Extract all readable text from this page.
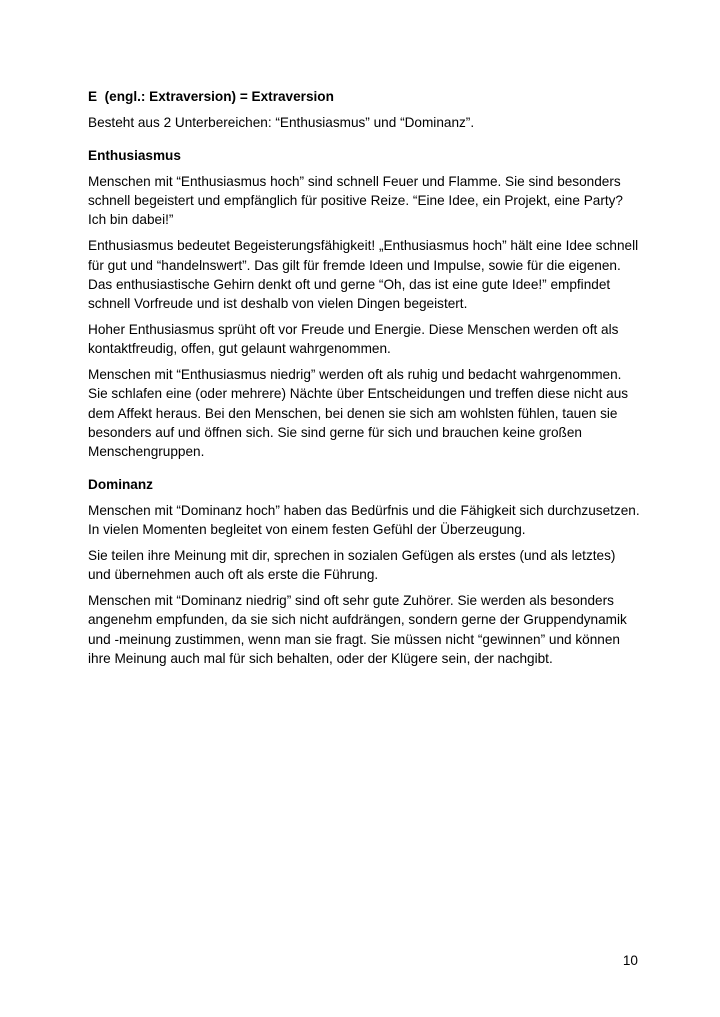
E  (engl.: Extraversion) = Extraversion

Besteht aus 2 Unterbereichen: “Enthusiasmus” und “Dominanz”.

Enthusiasmus

Menschen mit “Enthusiasmus hoch” sind schnell Feuer und Flamme. Sie sind besonders schnell begeistert und empfänglich für positive Reize. “Eine Idee, ein Projekt, eine Party? Ich bin dabei!”

Enthusiasmus bedeutet Begeisterungsfähigkeit! „Enthusiasmus hoch” hält eine Idee schnell für gut und “handelnswert”. Das gilt für fremde Ideen und Impulse, sowie für die eigenen. Das enthusiastische Gehirn denkt oft und gerne “Oh, das ist eine gute Idee!” empfindet schnell Vorfreude und ist deshalb von vielen Dingen begeistert.

Hoher Enthusiasmus sprüht oft vor Freude und Energie. Diese Menschen werden oft als kontaktfreudig, offen, gut gelaunt wahrgenommen.

Menschen mit “Enthusiasmus niedrig” werden oft als ruhig und bedacht wahrgenommen. Sie schlafen eine (oder mehrere) Nächte über Entscheidungen und treffen diese nicht aus dem Affekt heraus. Bei den Menschen, bei denen sie sich am wohlsten fühlen, tauen sie besonders auf und öffnen sich. Sie sind gerne für sich und brauchen keine großen Menschengruppen.

Dominanz

Menschen mit “Dominanz hoch” haben das Bedürfnis und die Fähigkeit sich durchzusetzen. In vielen Momenten begleitet von einem festen Gefühl der Überzeugung.

Sie teilen ihre Meinung mit dir, sprechen in sozialen Gefügen als erstes (und als letztes) und übernehmen auch oft als erste die Führung.

Menschen mit “Dominanz niedrig” sind oft sehr gute Zuhörer. Sie werden als besonders angenehm empfunden, da sie sich nicht aufdrängen, sondern gerne der Gruppendynamik und -meinung zustimmen, wenn man sie fragt. Sie müssen nicht “gewinnen” und können ihre Meinung auch mal für sich behalten, oder der Klügere sein, der nachgibt.

10
